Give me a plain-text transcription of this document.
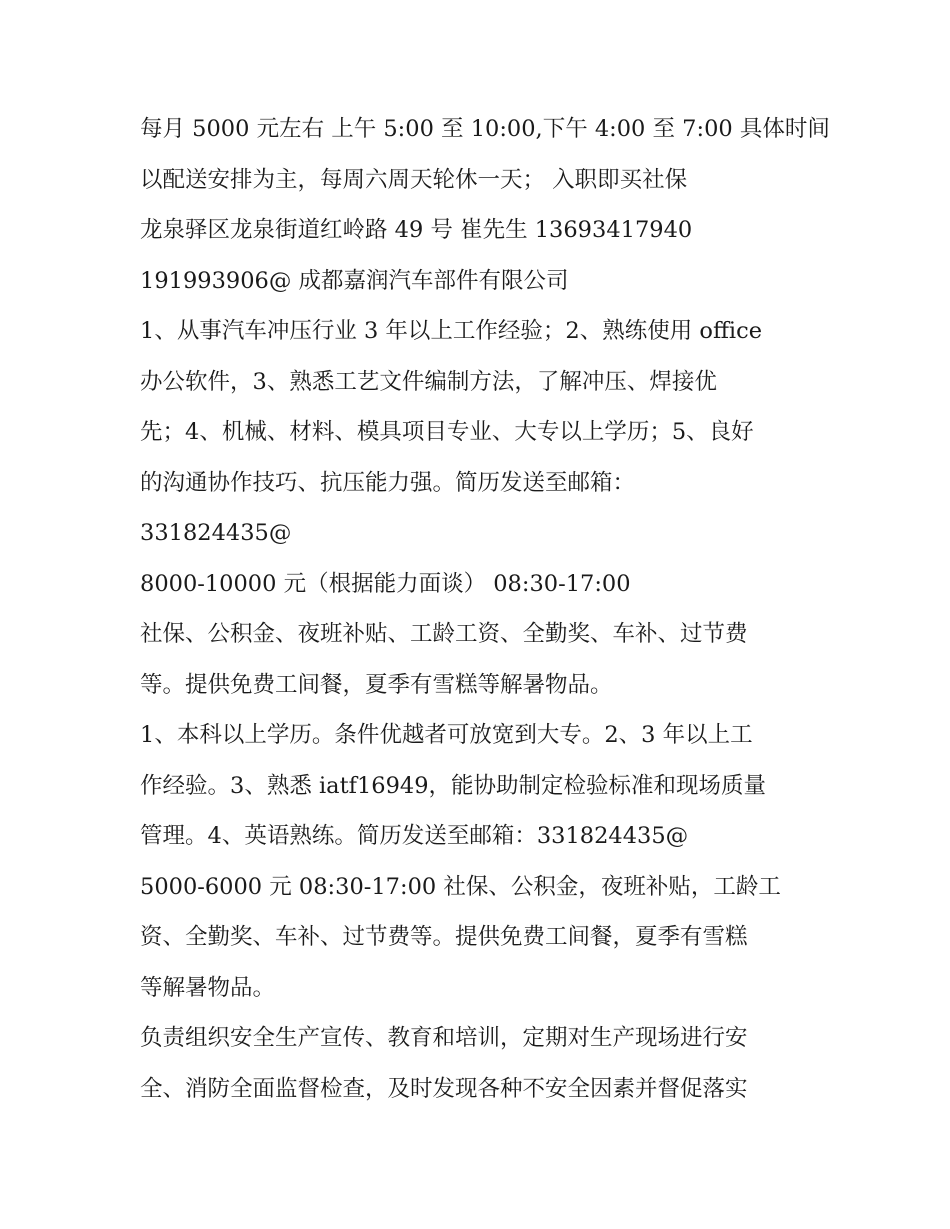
每月 5000 元左右 上午 5:00 至 10:00,下午 4:00 至 7:00 具体时间
以配送安排为主，每周六周天轮休一天； 入职即买社保
龙泉驿区龙泉街道红岭路 49 号 崔先生 13693417940
191993906@ 成都嘉润汽车部件有限公司
1、从事汽车冲压行业 3 年以上工作经验；2、熟练使用 office
办公软件，3、熟悉工艺文件编制方法，了解冲压、焊接优
先；4、机械、材料、模具项目专业、大专以上学历；5、良好
的沟通协作技巧、抗压能力强。简历发送至邮箱：
331824435@
8000-10000 元（根据能力面谈） 08:30-17:00
社保、公积金、夜班补贴、工龄工资、全勤奖、车补、过节费
等。提供免费工间餐，夏季有雪糕等解暑物品。
1、本科以上学历。条件优越者可放宽到大专。2、3 年以上工
作经验。3、熟悉 iatf16949，能协助制定检验标准和现场质量
管理。4、英语熟练。简历发送至邮箱：331824435@
5000-6000 元 08:30-17:00 社保、公积金，夜班补贴，工龄工
资、全勤奖、车补、过节费等。提供免费工间餐，夏季有雪糕
等解暑物品。
负责组织安全生产宣传、教育和培训，定期对生产现场进行安
全、消防全面监督检查，及时发现各种不安全因素并督促落实
